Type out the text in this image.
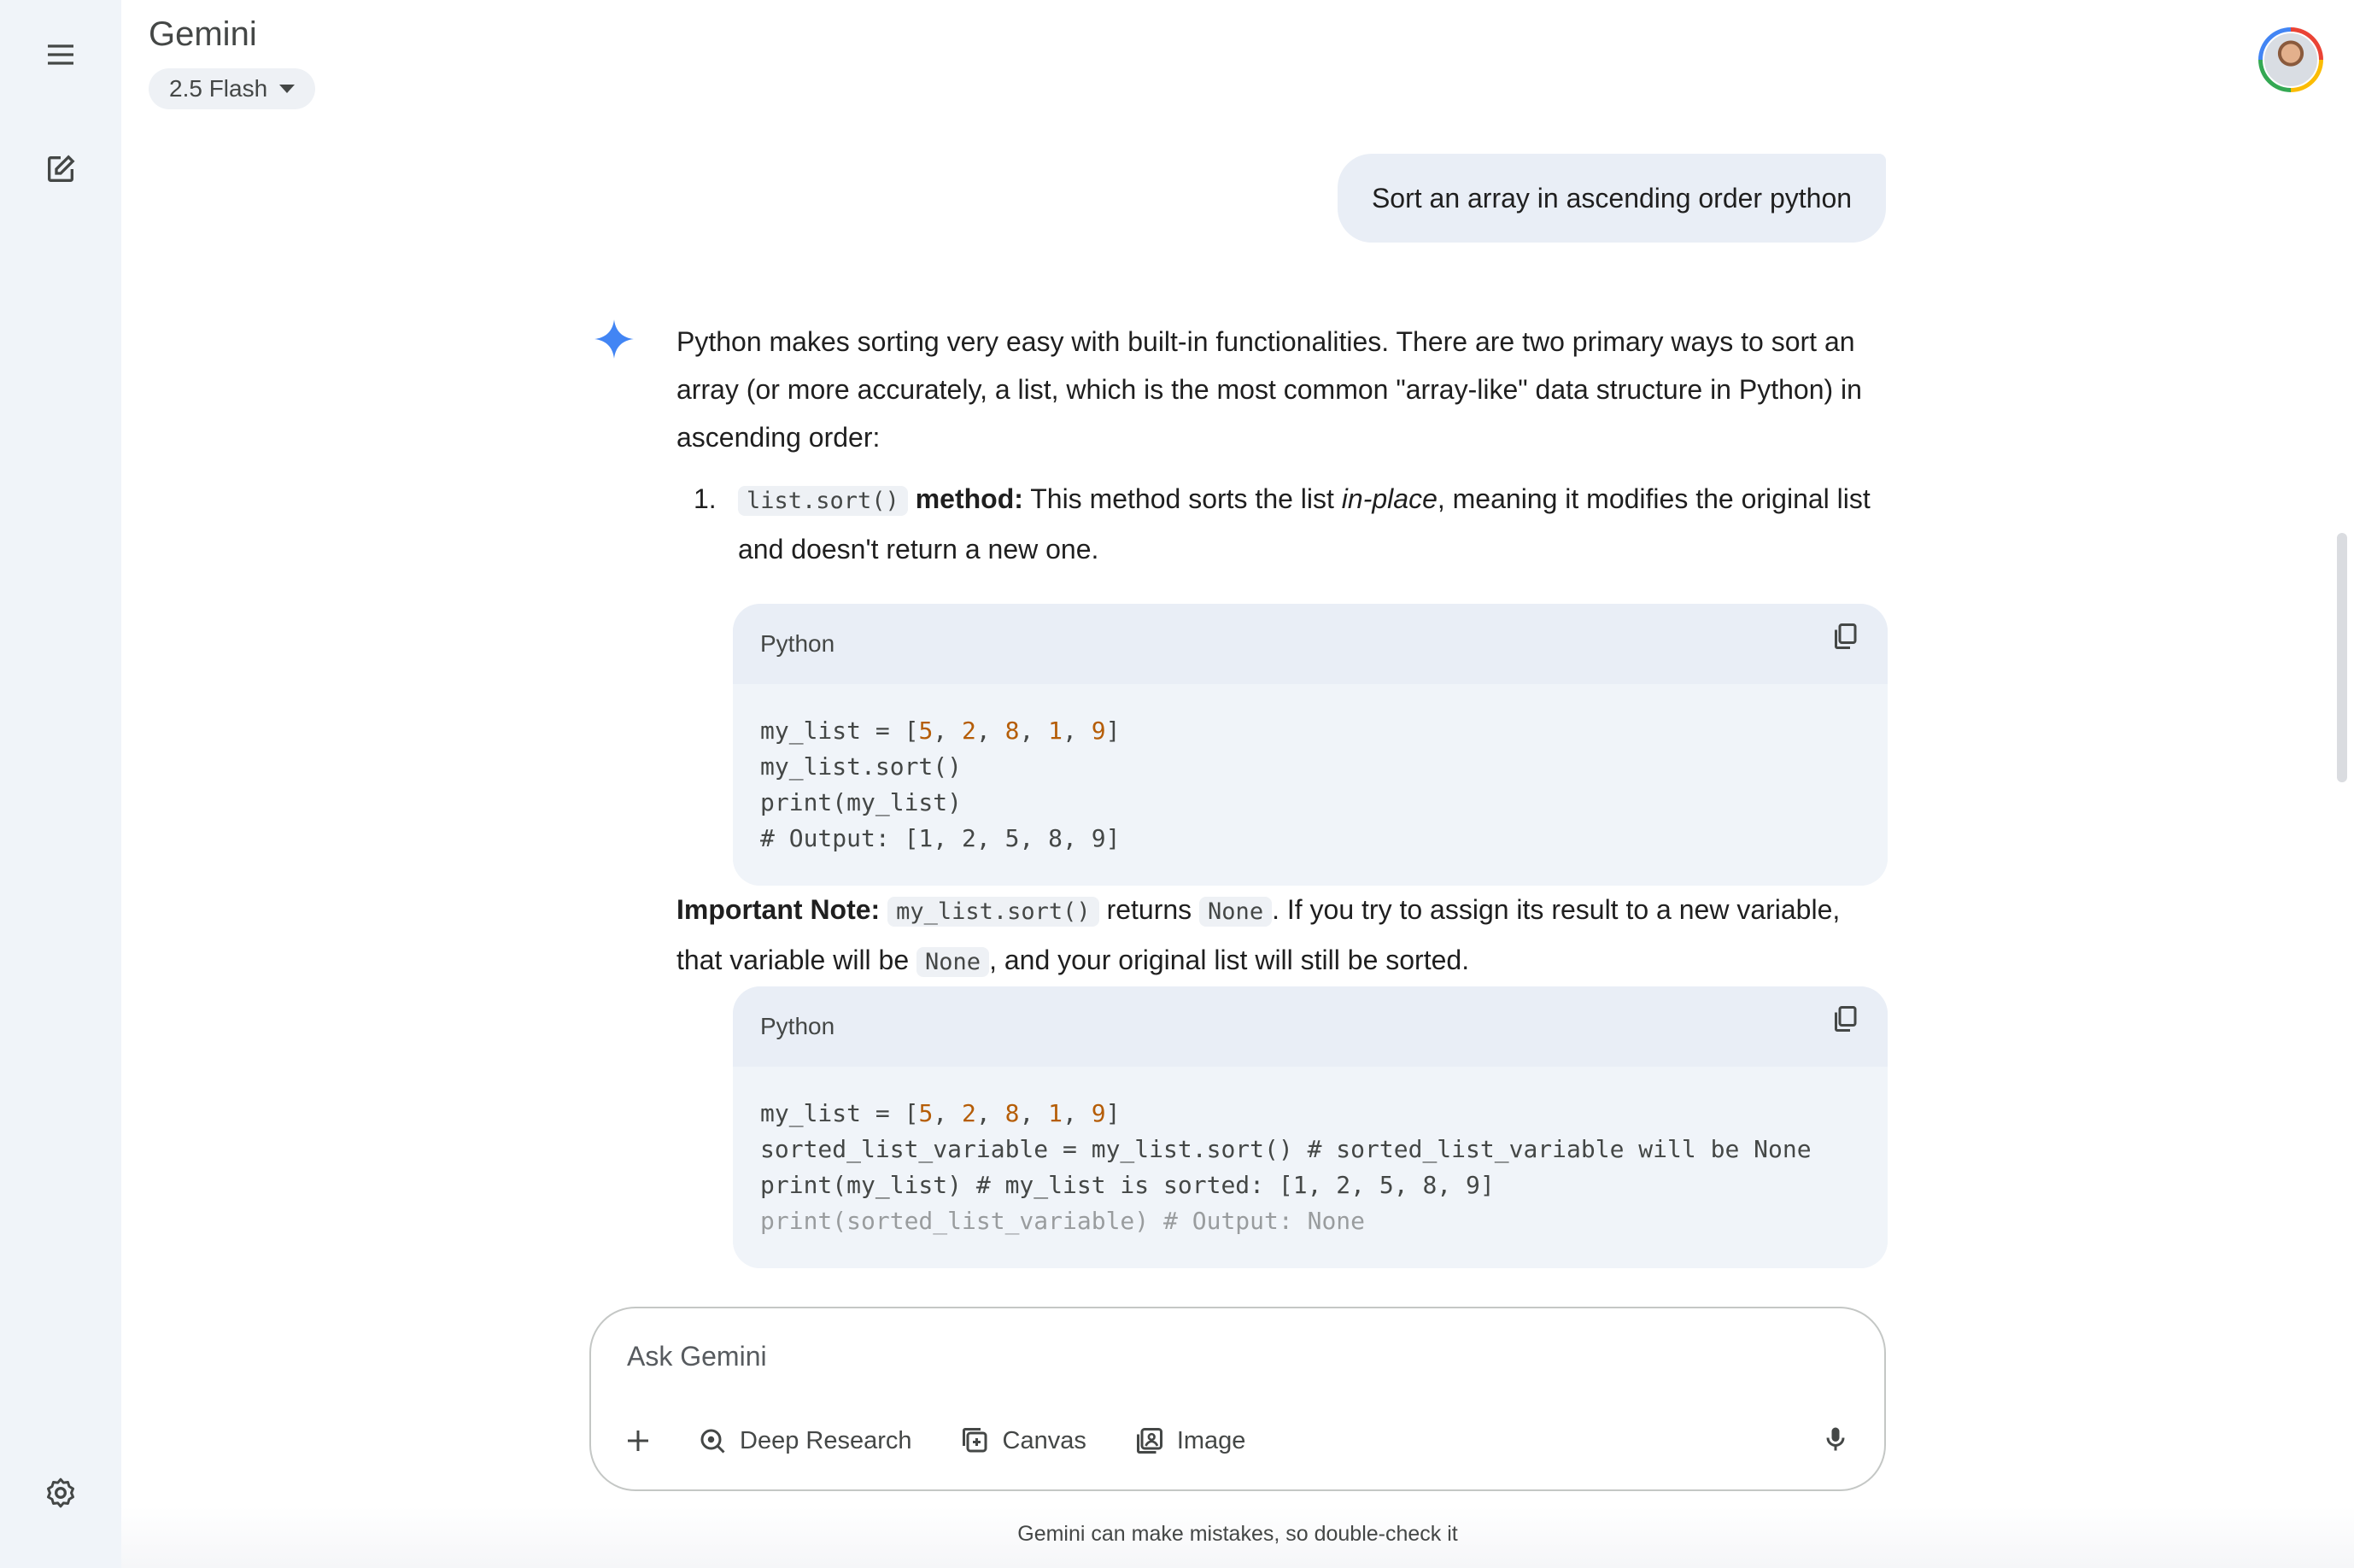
Gemini
2.5 Flash
Sort an array in ascending order python

Python makes sorting very easy with built-in functionalities. There are two primary ways to sort an array (or more accurately, a list, which is the most common "array-like" data structure in Python) in ascending order:

1. list.sort() method: This method sorts the list in-place, meaning it modifies the original list and doesn't return a new one.
Python
my_list = [5, 2, 8, 1, 9]
my_list.sort()
print(my_list)
# Output: [1, 2, 5, 8, 9]

Important Note: my_list.sort() returns None . If you try to assign its result to a new variable, that variable will be None , and your original list will still be sorted.

Python
my_list = [5, 2, 8, 1, 9]
sorted_list_variable = my_list.sort() # sorted_list_variable will be None
print(my_list) # my_list is sorted: [1, 2, 5, 8, 9]
print(sorted_list_variable) # Output: None
Ask Gemini
Deep Research	Canvas	Image
Gemini can make mistakes, so double-check it
